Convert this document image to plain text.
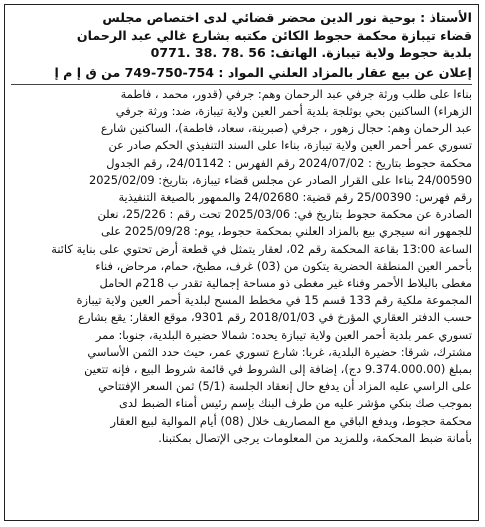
الأستاذ : بوحية نور الدين محضر قضائي لدى اختصاص مجلس
قضاء تيبازة محكمة حجوط الكائن مكتبه بشارع غالي عبد الرحمان
بلدية حجوط ولاية تيبازة. الهاتف: 56 .78 .38 .0771
إعلان عن بيع عقار بالمزاد العلني المواد : 754-750-749 من ق إ م إ
بناءا على طلب ورثة جرفي عبد الرحمان وهم: جرفي (قدور، محمد ، فاطمة
الزهراء) الساكنين بحي بوثلجة بلدية أحمر العين ولاية تيبازة، ضد: ورثة جرفي
عبد الرحمان وهم: حجال زهور ، جرفي (صبرينة، سعاد، فاطمة)، الساكنين شارع
تسوري عمر أحمر العين ولاية تيبازة، بناءا على السند التنفيذي الحكم صادر عن
محكمة حجوط بتاريخ : 2024/07/02 رقم الفهرس : 24/01142، رقم الجدول
24/00590 بناءا على القرار الصادر عن مجلس قضاء تيبازة، بتاريخ: 2025/02/09
رقم فهرس: 25/00390 رقم قضية: 24/02680 والممهور بالصيغة التنفيذية
الصادرة عن محكمة حجوط بتاريخ في: 2025/03/06 تحت رقم : 25/226، نعلن
للجمهور انه سيجري بيع بالمزاد العلني بمحكمة حجوط، يوم: 2025/09/28 على
الساعة 13:00 بقاعة المحكمة رقم 02، لعقار يتمثل في قطعة أرض تحتوي على بناية كائنة
بأحمر العين المنطقة الحضرية يتكون من (03) غرف، مطبخ، حمام، مرحاض، فناء
مغطى بالبلاط الأحمر وفناء غير مغطى ذو مساحة إجمالية تقدر ب 218م الحامل
المجموعة ملكية رقم 133 قسم 15 في مخطط المسح لبلدية أحمر العين ولاية تيبازة
حسب الدفتر العقاري المؤرخ في 2018/01/03 رقم 9301، موقع العقار: يقع بشارع
تسوري عمر بلدية أحمر العين ولاية تيبازة يحده: شمالا حضيرة البلدية، جنوبا: ممر
مشترك، شرقا: حضيرة البلدية، غربا: شارع تسوري عمر، حيث حدد الثمن الأساسي
بمبلغ (9.374.000.00 دج)، إضافة إلى الشروط في قائمة شروط البيع ، فإنه تتعين
على الراسي عليه المزاد أن يدفع حال إنعقاد الجلسة (5/1) ثمن السعر الإفتتاحي
بموجب صك بنكي مؤشر عليه من طرف البنك بإسم رئيس أمناء الضبط لدى
محكمة حجوط، ويدفع الباقي مع المصاريف خلال (08) أيام الموالية لبيع العقار
بأمانة ضبط المحكمة، وللمزيد من المعلومات يرجى الإتصال بمكتبنا.
